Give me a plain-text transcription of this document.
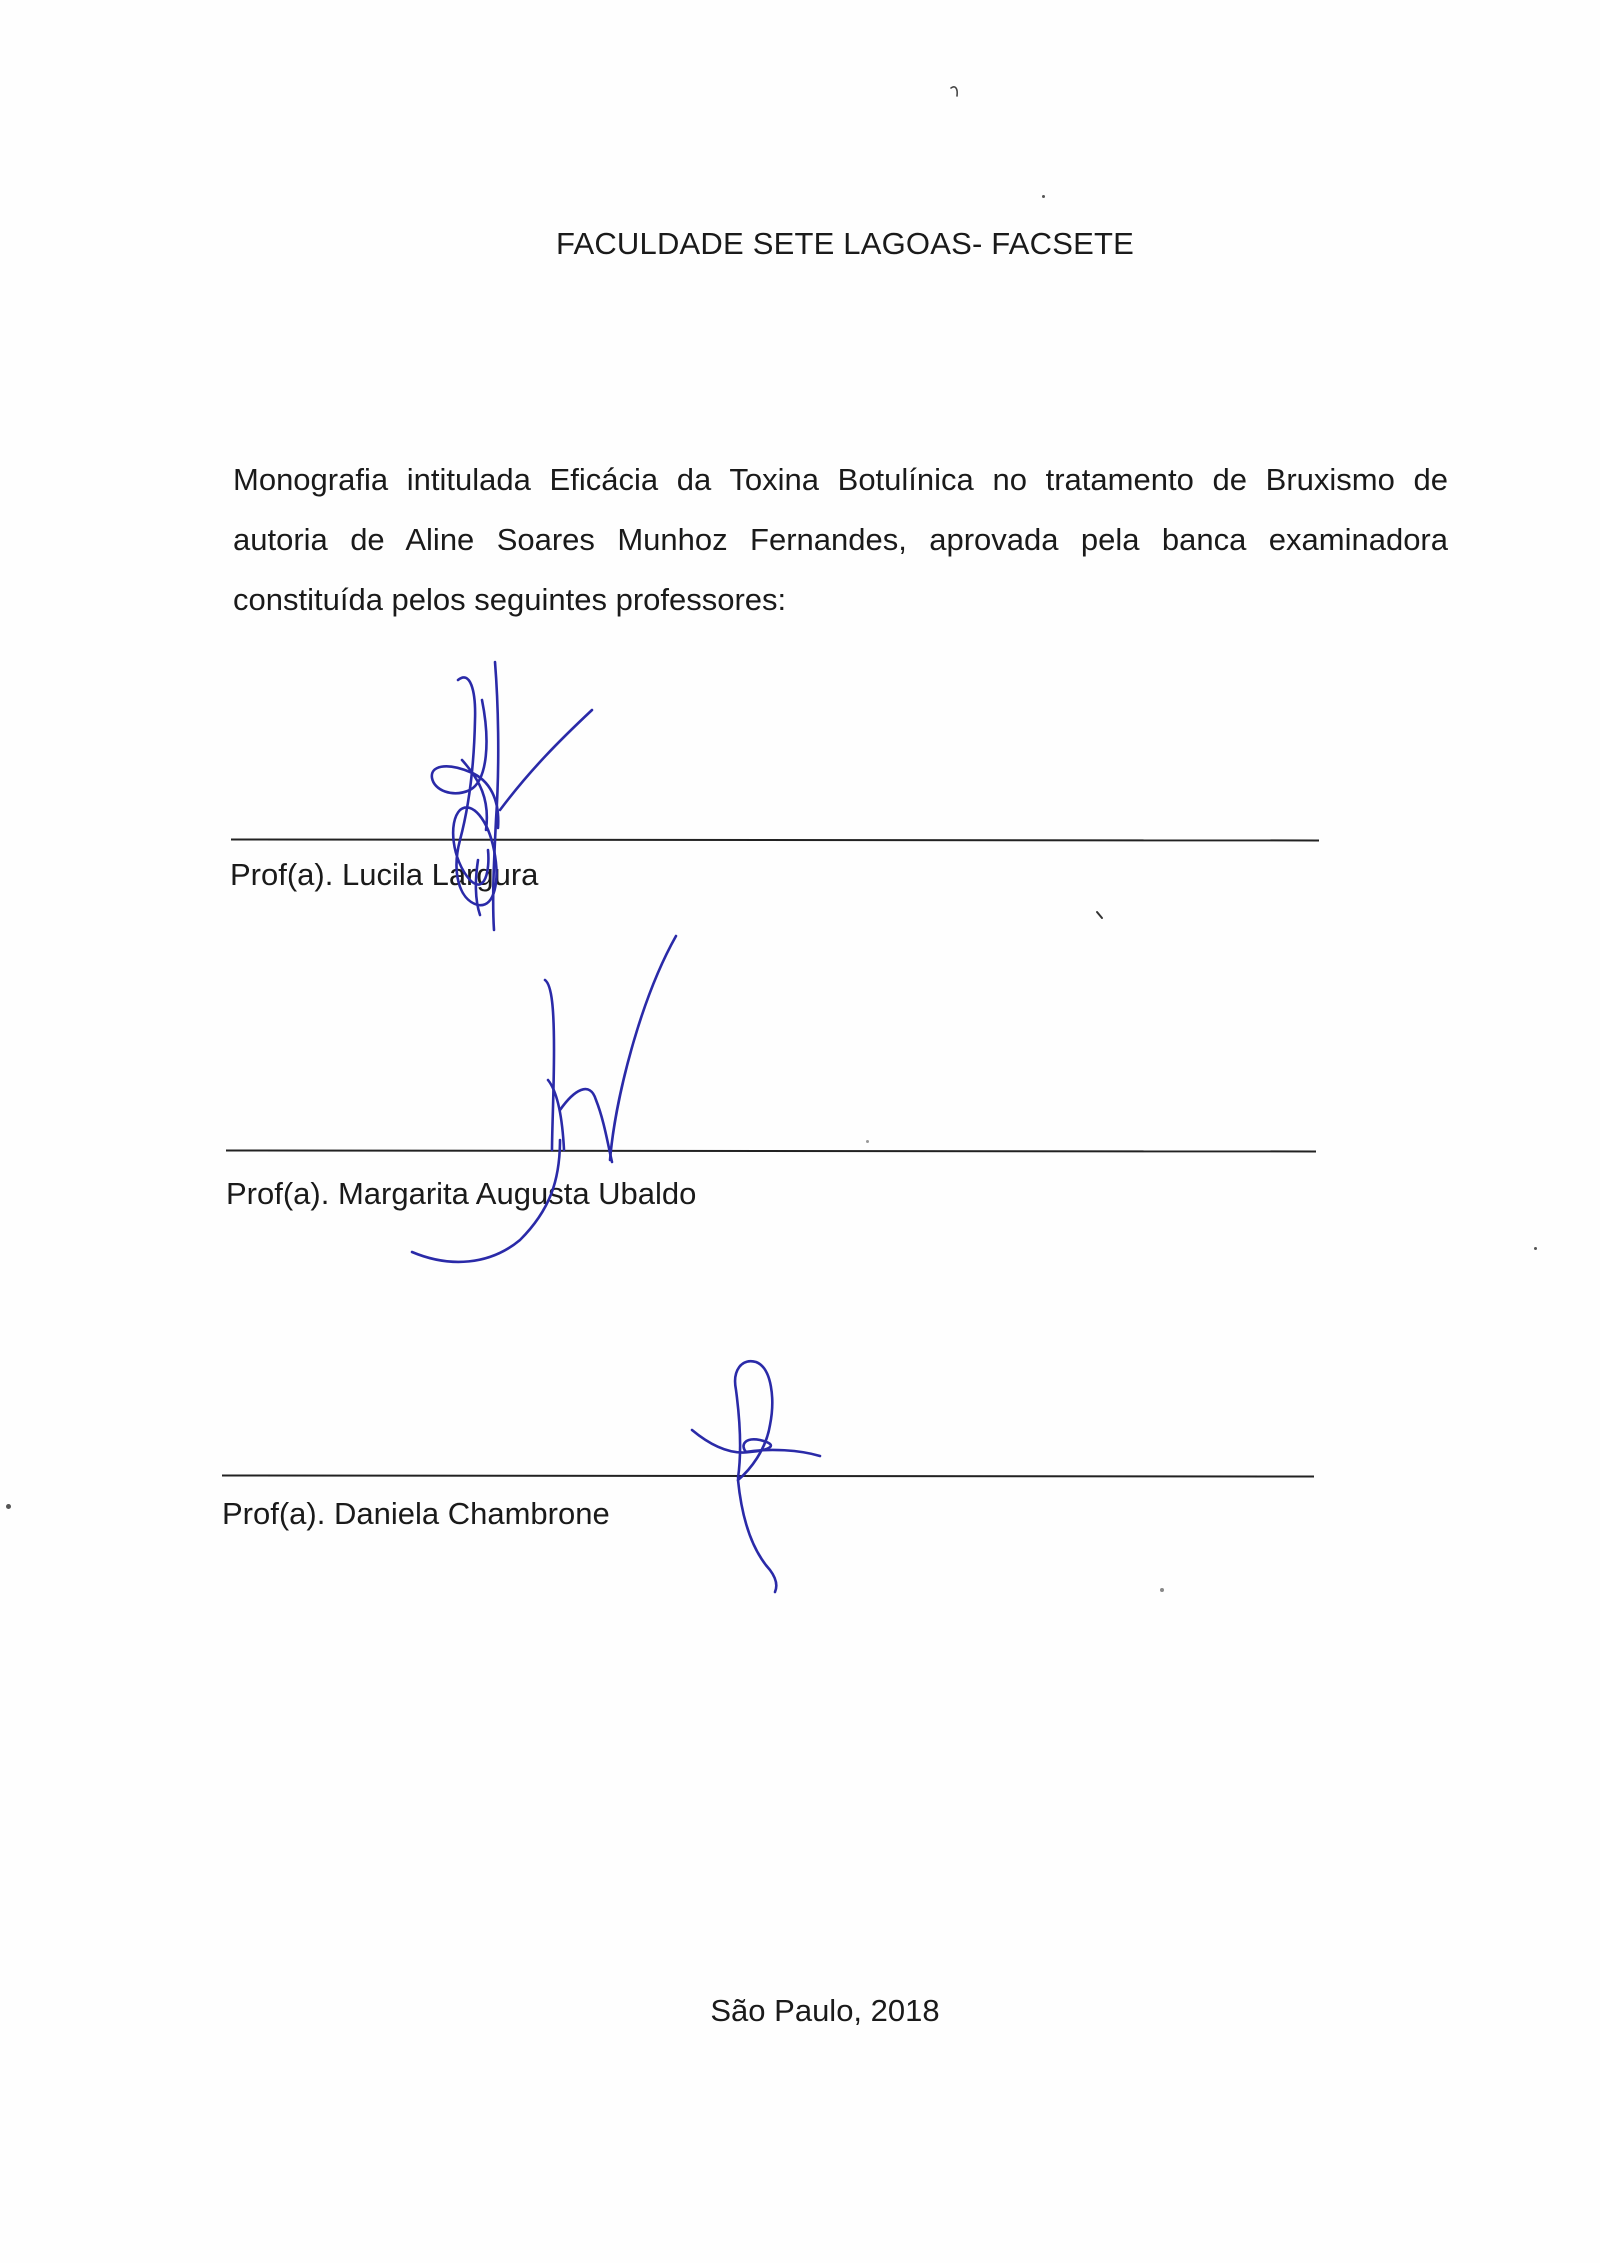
FACULDADE SETE LAGOAS- FACSETE
Monografia intitulada Eficácia da Toxina Botulínica no tratamento de Bruxismo de autoria de Aline Soares Munhoz Fernandes, aprovada pela banca examinadora constituída pelos seguintes professores:
Prof(a). Lucila Largura
Prof(a). Margarita Augusta Ubaldo
Prof(a). Daniela Chambrone
São Paulo, 2018
